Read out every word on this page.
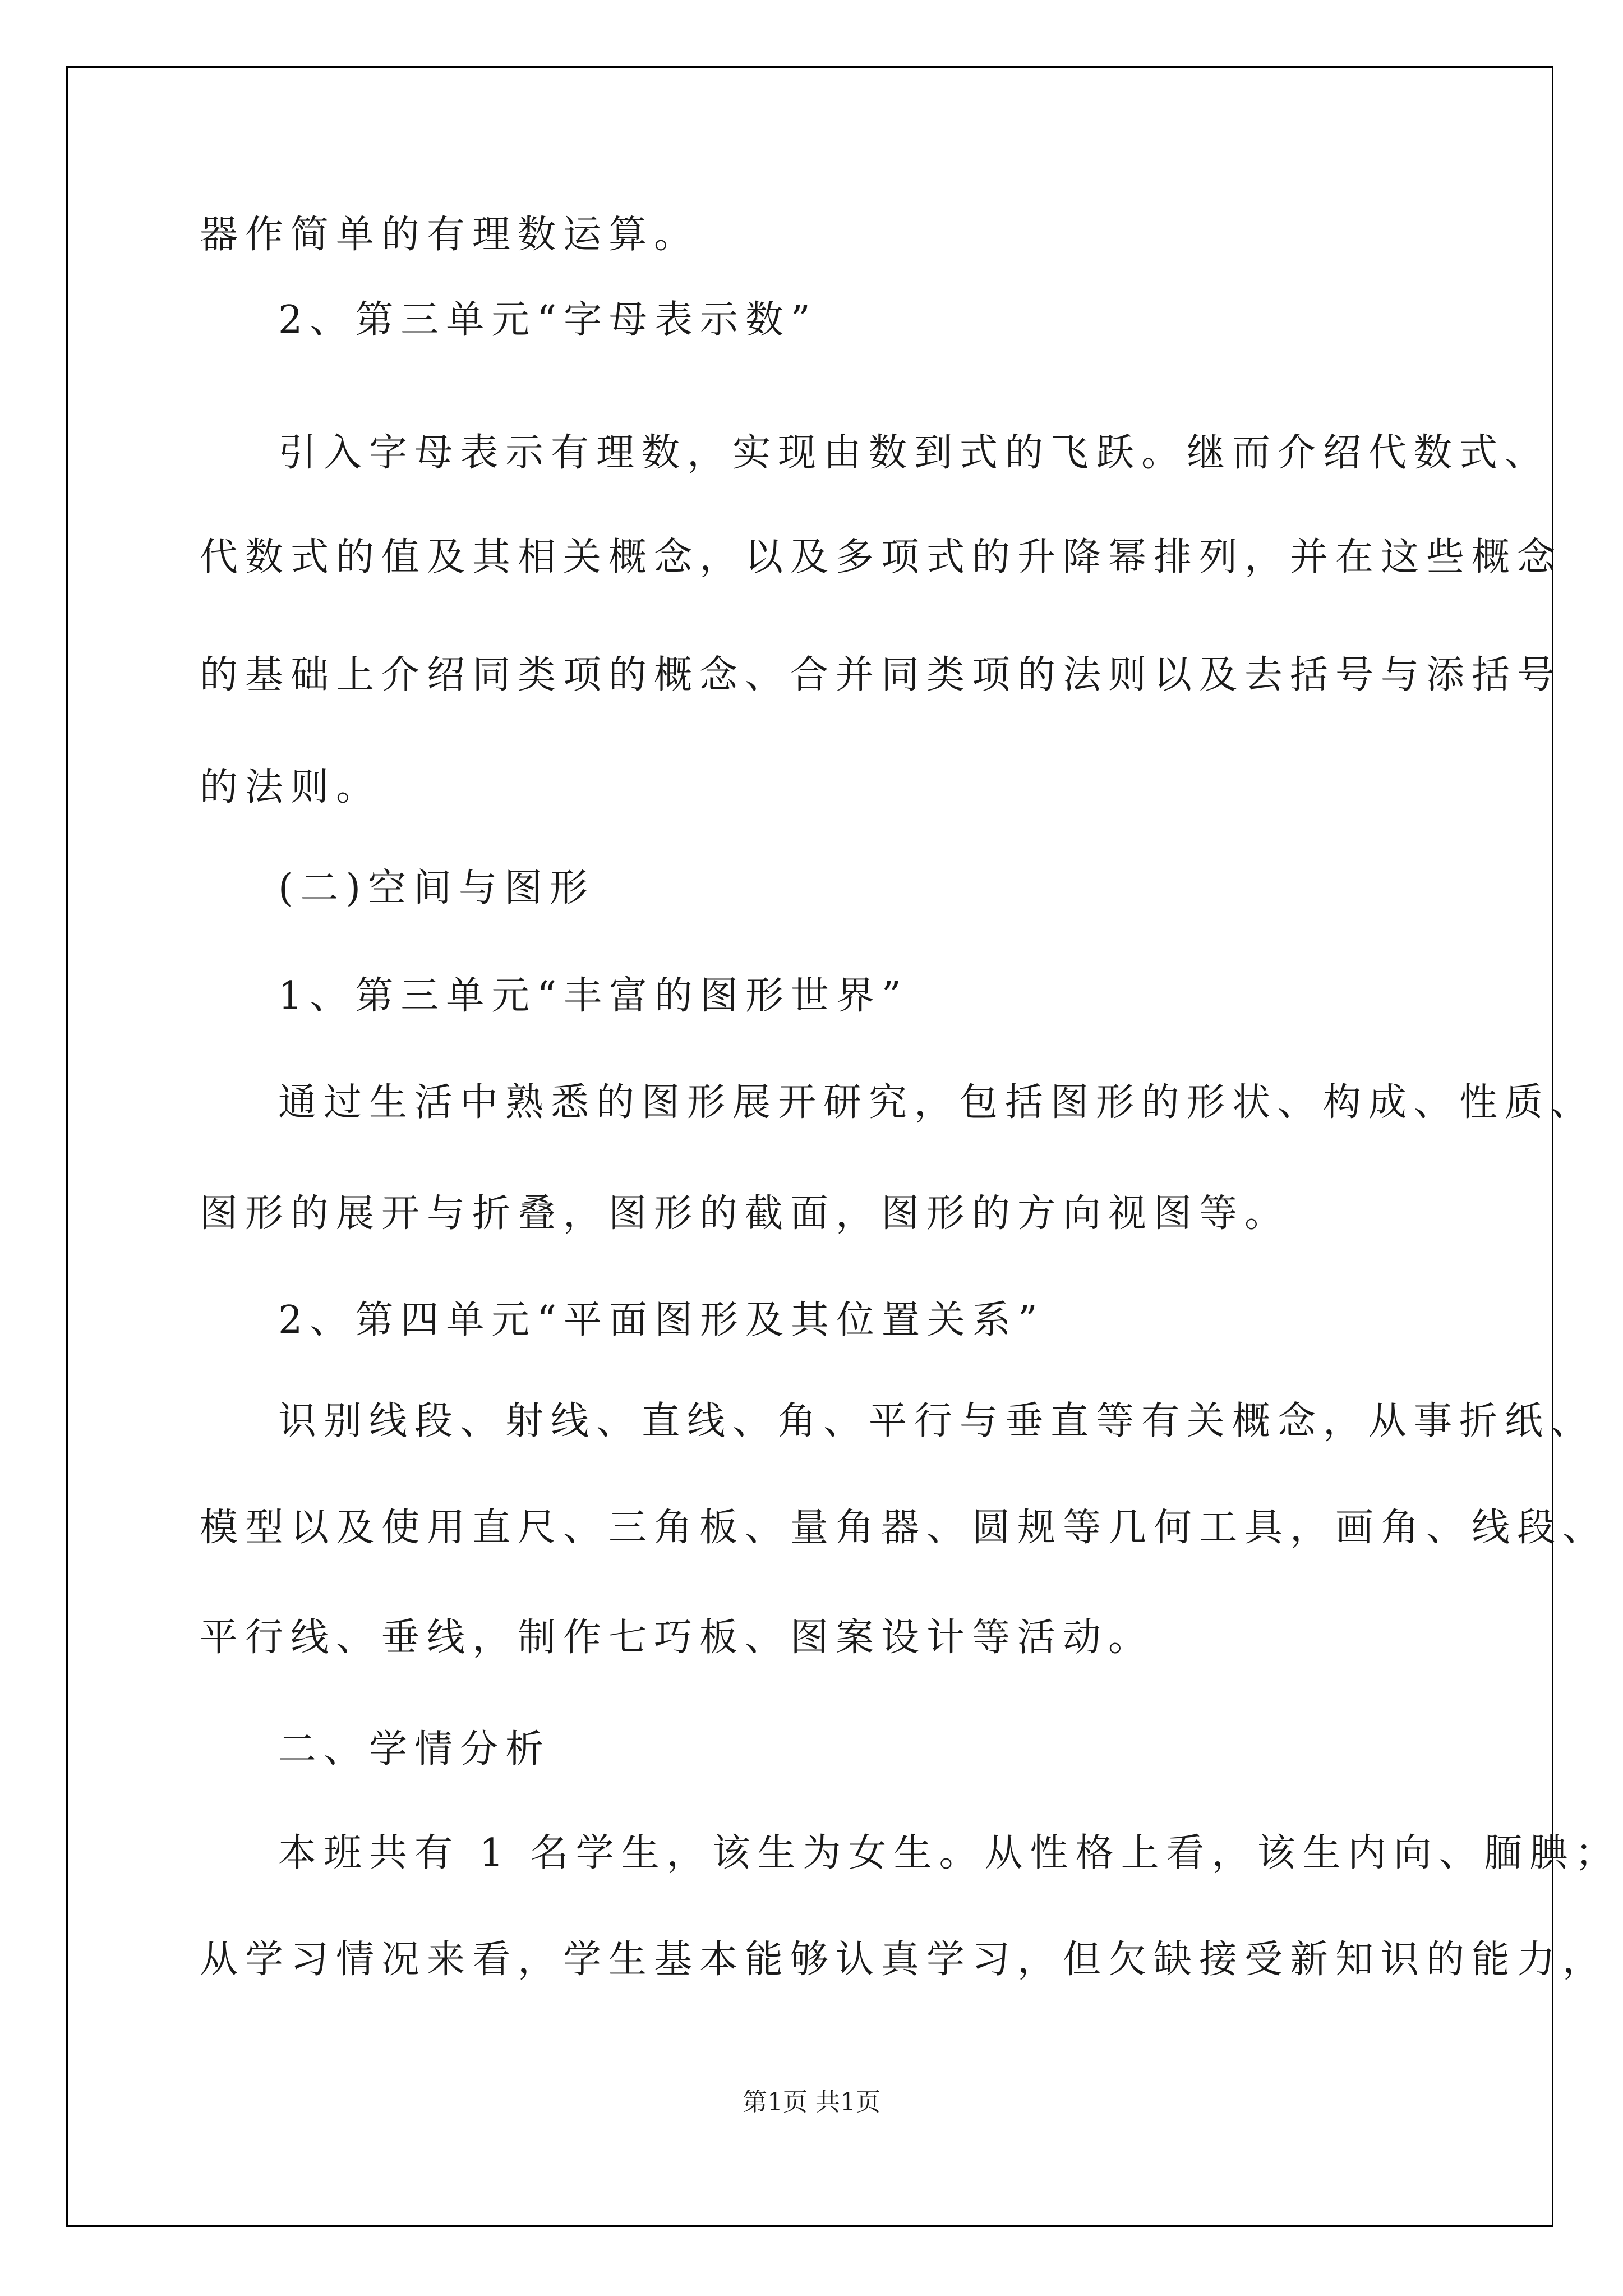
器作简单的有理数运算。
2、第三单元“字母表示数”
引入字母表示有理数，实现由数到式的飞跃。继而介绍代数式、
代数式的值及其相关概念，以及多项式的升降幂排列，并在这些概念
的基础上介绍同类项的概念、合并同类项的法则以及去括号与添括号
的法则。
(二)空间与图形
1、第三单元“丰富的图形世界”
通过生活中熟悉的图形展开研究，包括图形的形状、构成、性质、
图形的展开与折叠，图形的截面，图形的方向视图等。
2、第四单元“平面图形及其位置关系”
识别线段、射线、直线、角、平行与垂直等有关概念，从事折纸、
模型以及使用直尺、三角板、量角器、圆规等几何工具，画角、线段、
平行线、垂线，制作七巧板、图案设计等活动。
二、学情分析
本班共有 1 名学生，该生为女生。从性格上看，该生内向、腼腆；
从学习情况来看，学生基本能够认真学习，但欠缺接受新知识的能力，
第1页 共1页
